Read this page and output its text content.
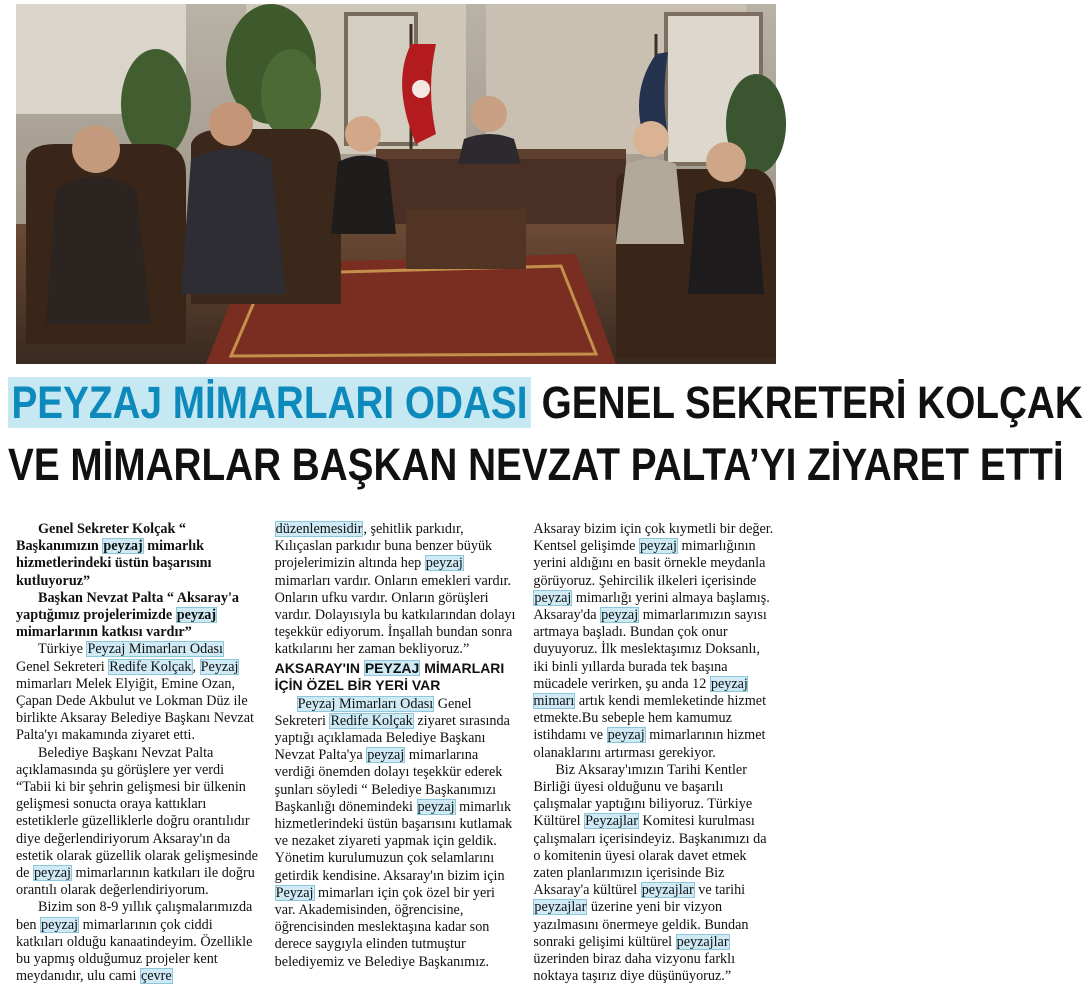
PEYZAJ MİMARLARI ODASI GENEL SEKRETERİ KOLÇAK
VE MİMARLAR BAŞKAN NEVZAT PALTA’YI ZİYARET ETTİ

Genel Sekreter Kolçak “ Başkanımızın peyzaj mimarlık hizmetlerindeki üstün başarısını kutluyoruz”

Başkan Nevzat Palta “ Aksaray'a yaptığımız projelerimizde peyzaj mimarlarının katkısı vardır”

Türkiye Peyzaj Mimarları Odası Genel Sekreteri Redife Kolçak, Peyzaj mimarları Melek Elyiğit, Emine Ozan, Çapan Dede Akbulut ve Lokman Düz ile birlikte Aksaray Belediye Başkanı Nevzat Palta'yı makamında ziyaret etti.

Belediye Başkanı Nevzat Palta açıklamasında şu görüşlere yer verdi “Tabii ki bir şehrin gelişmesi bir ülkenin gelişmesi sonucta oraya kattıkları estetiklerle güzelliklerle doğru orantılıdır diye değerlendiriyorum Aksaray'ın da estetik olarak güzellik olarak gelişmesinde de peyzaj mimarlarının katkıları ile doğru orantılı olarak değerlendiriyorum.

Bizim son 8-9 yıllık çalışmalarımızda ben peyzaj mimarlarının çok ciddi katkıları olduğu kanaatindeyim. Özellikle bu yapmış olduğumuz projeler kent meydanıdır, ulu cami çevre

düzenlemesidir, şehitlik parkıdır, Kılıçaslan parkıdır buna benzer büyük projelerimizin altında hep peyzaj mimarları vardır. Onların emekleri vardır. Onların ufku vardır. Onların görüşleri vardır. Dolayısıyla bu katkılarından dolayı teşekkür ediyorum. İnşallah bundan sonra katkılarını her zaman bekliyoruz.”

AKSARAY'IN PEYZAJ MİMARLARI İÇİN ÖZEL BİR YERİ VAR

Peyzaj Mimarları Odası Genel Sekreteri Redife Kolçak ziyaret sırasında yaptığı açıklamada Belediye Başkanı Nevzat Palta'ya peyzaj mimarlarına verdiği önemden dolayı teşekkür ederek şunları söyledi “ Belediye Başkanımızı Başkanlığı dönemindeki peyzaj mimarlık hizmetlerindeki üstün başarısını kutlamak ve nezaket ziyareti yapmak için geldik. Yönetim kurulumuzun çok selamlarını getirdik kendisine. Aksaray'ın bizim için Peyzaj mimarları için çok özel bir yeri var. Akademisinden, öğrencisine, öğrencisinden meslektaşına kadar son derece saygıyla elinden tutmuştur belediyemiz ve Belediye Başkanımız.

Aksaray bizim için çok kıymetli bir değer. Kentsel gelişimde peyzaj mimarlığının yerini aldığını en basit örnekle meydanla görüyoruz. Şehircilik ilkeleri içerisinde peyzaj mimarlığı yerini almaya başlamış. Aksaray'da peyzaj mimarlarımızın sayısı artmaya başladı. Bundan çok onur duyuyoruz. İlk meslektaşımız Doksanlı, iki binli yıllarda burada tek başına mücadele verirken, şu anda 12 peyzaj mimarı artık kendi memleketinde hizmet etmekte.Bu sebeple hem kamumuz istihdamı ve peyzaj mimarlarının hizmet olanaklarını artırması gerekiyor.

Biz Aksaray'ımızın Tarihi Kentler Birliği üyesi olduğunu ve başarılı çalışmalar yaptığını biliyoruz. Türkiye Kültürel Peyzajlar Komitesi kurulması çalışmaları içerisindeyiz. Başkanımızı da o komitenin üyesi olarak davet etmek zaten planlarımızın içerisinde Biz Aksaray'a kültürel peyzajlar ve tarihi peyzajlar üzerine yeni bir vizyon yazılmasını önermeye geldik. Bundan sonraki gelişimi kültürel peyzajlar üzerinden biraz daha vizyonu farklı noktaya taşırız diye düşünüyoruz.”
